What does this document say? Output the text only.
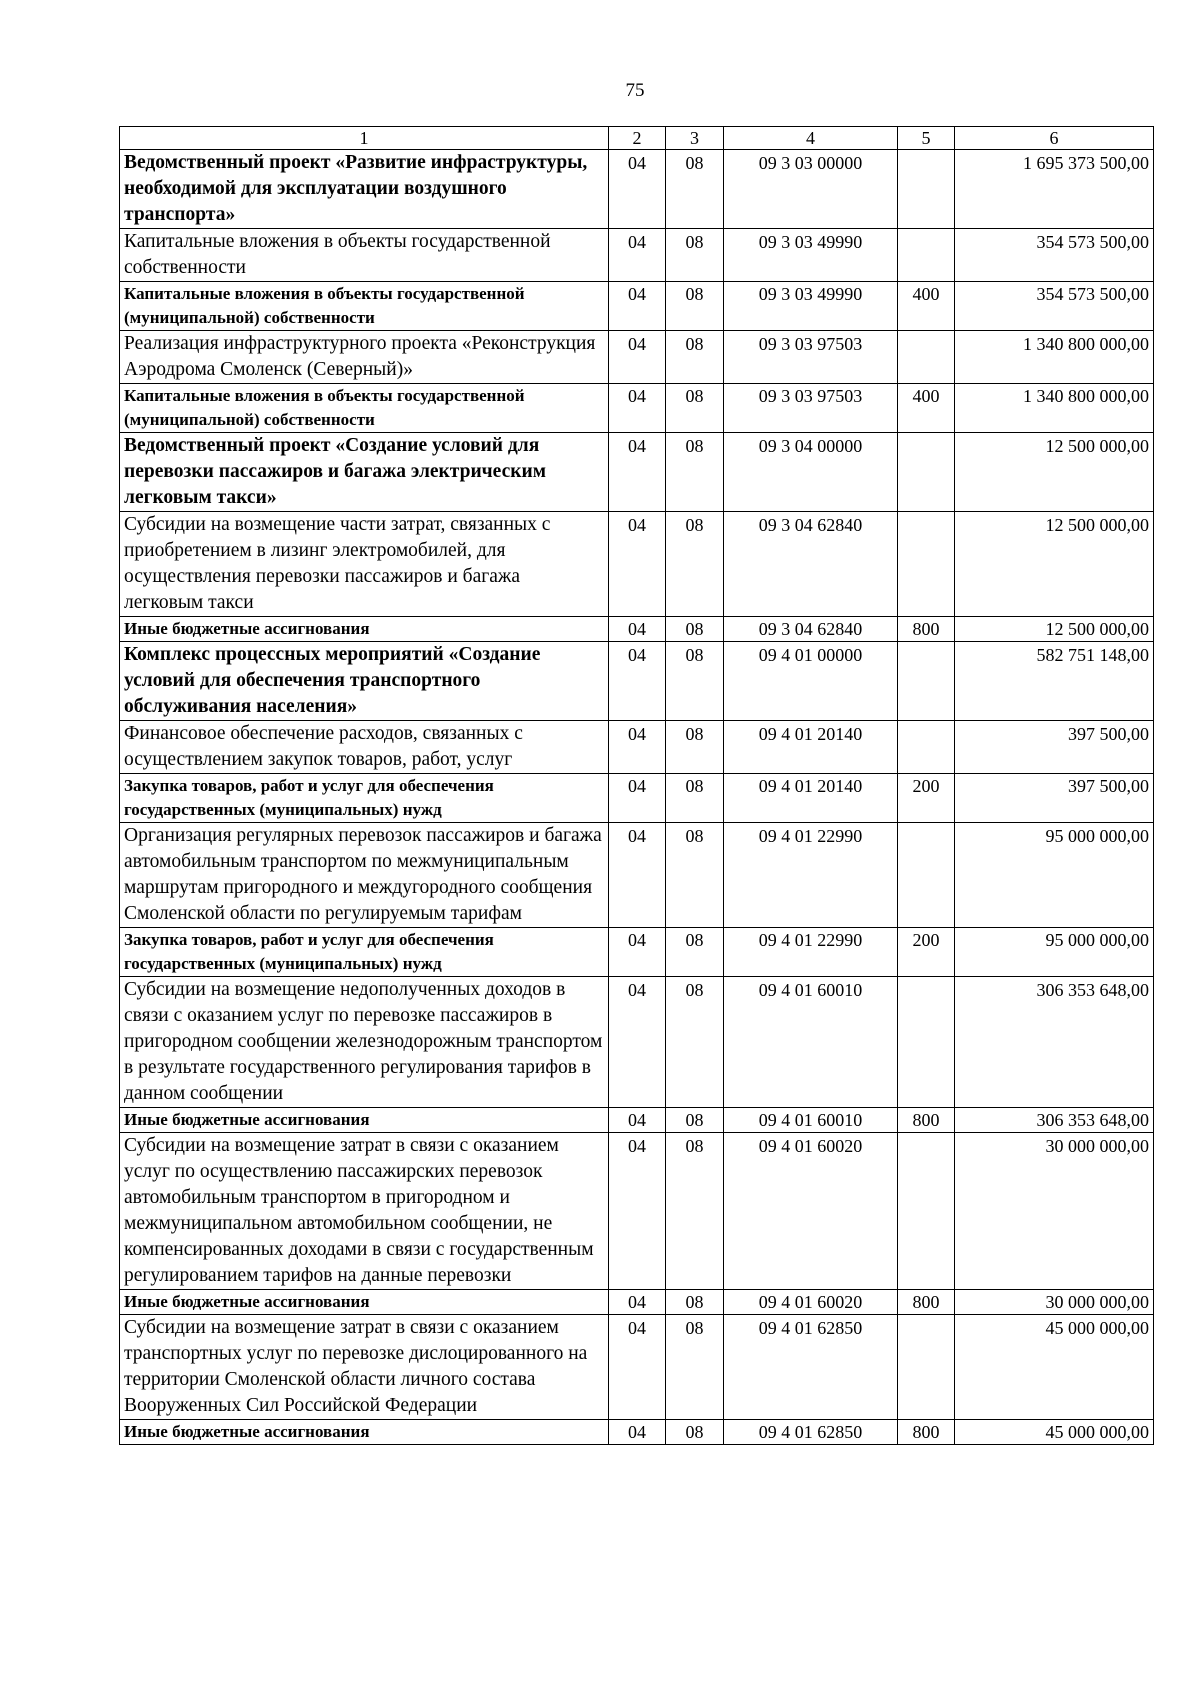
75
1	2	3	4	5	6
Ведомственный проект «Развитие инфраструктуры, необходимой для эксплуатации воздушного транспорта»	04	08	09 3 03 00000		1 695 373 500,00
Капитальные вложения в объекты государственной собственности	04	08	09 3 03 49990		354 573 500,00
Капитальные вложения в объекты государственной (муниципальной) собственности	04	08	09 3 03 49990	400	354 573 500,00
Реализация инфраструктурного проекта «Реконструкция Аэродрома Смоленск (Северный)»	04	08	09 3 03 97503		1 340 800 000,00
Капитальные вложения в объекты государственной (муниципальной) собственности	04	08	09 3 03 97503	400	1 340 800 000,00
Ведомственный проект «Создание условий для перевозки пассажиров и багажа электрическим легковым такси»	04	08	09 3 04 00000		12 500 000,00
Субсидии на возмещение части затрат, связанных с приобретением в лизинг электромобилей, для осуществления перевозки пассажиров и багажа легковым такси	04	08	09 3 04 62840		12 500 000,00
Иные бюджетные ассигнования	04	08	09 3 04 62840	800	12 500 000,00
Комплекс процессных мероприятий «Создание условий для обеспечения транспортного обслуживания населения»	04	08	09 4 01 00000		582 751 148,00
Финансовое обеспечение расходов, связанных с осуществлением закупок товаров, работ, услуг	04	08	09 4 01 20140		397 500,00
Закупка товаров, работ и услуг для обеспечения государственных (муниципальных) нужд	04	08	09 4 01 20140	200	397 500,00
Организация регулярных перевозок пассажиров и багажа автомобильным транспортом по межмуниципальным маршрутам пригородного и междугородного сообщения Смоленской области по регулируемым тарифам	04	08	09 4 01 22990		95 000 000,00
Закупка товаров, работ и услуг для обеспечения государственных (муниципальных) нужд	04	08	09 4 01 22990	200	95 000 000,00
Субсидии на возмещение недополученных доходов в связи с оказанием услуг по перевозке пассажиров в пригородном сообщении железнодорожным транспортом в результате государственного регулирования тарифов в данном сообщении	04	08	09 4 01 60010		306 353 648,00
Иные бюджетные ассигнования	04	08	09 4 01 60010	800	306 353 648,00
Субсидии на возмещение затрат в связи с оказанием услуг по осуществлению пассажирских перевозок автомобильным транспортом в пригородном и межмуниципальном автомобильном сообщении, не компенсированных доходами в связи с государственным регулированием тарифов на данные перевозки	04	08	09 4 01 60020		30 000 000,00
Иные бюджетные ассигнования	04	08	09 4 01 60020	800	30 000 000,00
Субсидии на возмещение затрат в связи с оказанием транспортных услуг по перевозке дислоцированного на территории Смоленской области личного состава Вооруженных Сил Российской Федерации	04	08	09 4 01 62850		45 000 000,00
Иные бюджетные ассигнования	04	08	09 4 01 62850	800	45 000 000,00
